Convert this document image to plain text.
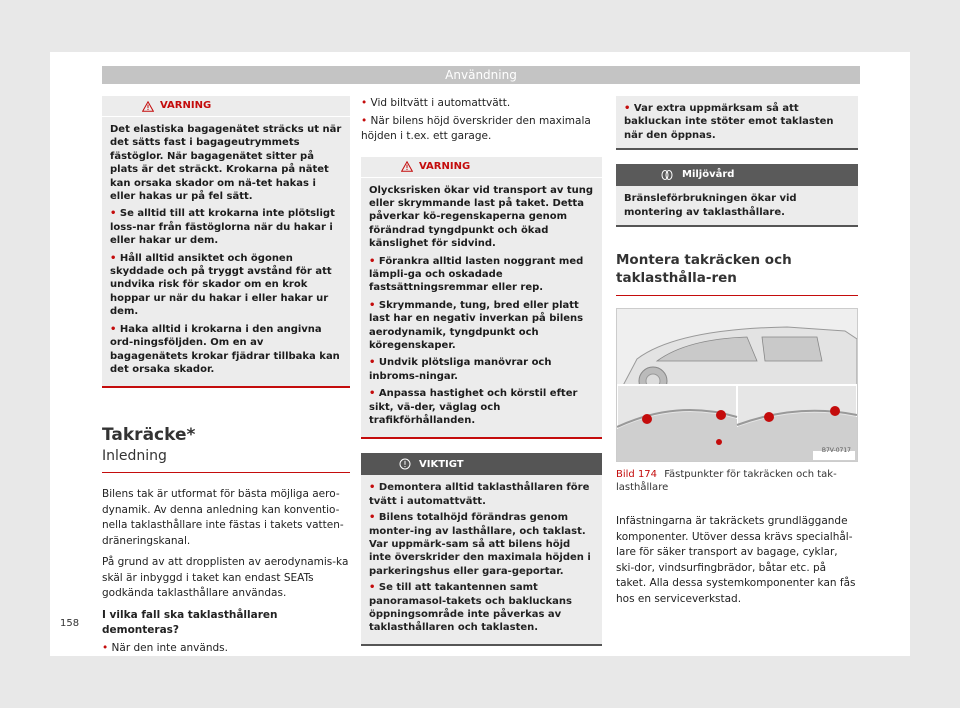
Användning
VARNING

Det elastiska bagagenätet sträcks ut när det sätts fast i bagageutrymmets fästöglor. När bagagenätet sitter på plats är det sträckt. Krokarna på nätet kan orsaka skador om nä-tet hakas i eller hakas ur på fel sätt.

• Se alltid till att krokarna inte plötsligt loss-nar från fästöglorna när du hakar i eller hakar ur dem.

• Håll alltid ansiktet och ögonen skyddade och på tryggt avstånd för att undvika risk för skador om en krok hoppar ur när du hakar i eller hakar ur dem.

• Haka alltid i krokarna i den angivna ord-ningsföljden. Om en av bagagenätets krokar fjädrar tillbaka kan det orsaka skador.

Takräcke*
Inledning

Bilens tak är utformat för bästa möjliga aero-dynamik. Av denna anledning kan konventio-nella taklasthållare inte fästas i takets vatten-dräneringskanal.

På grund av att dropplisten av aerodynamis-ka skäl är inbyggd i taket kan endast SEATs godkända taklasthållare användas.

I vilka fall ska taklasthållaren demonteras?

• När den inte används.

• Vid biltvätt i automattvätt.

• När bilens höjd överskrider den maximala höjden i t.ex. ett garage.

VARNING

Olycksrisken ökar vid transport av tung eller skrymmande last på taket. Detta påverkar kö-regenskaperna genom förändrad tyngdpunkt och ökad känslighet för sidvind.

• Förankra alltid lasten noggrant med lämpli-ga och oskadade fastsättningsremmar eller rep.

• Skrymmande, tung, bred eller platt last har en negativ inverkan på bilens aerodynamik, tyngdpunkt och köregenskaper.

• Undvik plötsliga manövrar och inbroms-ningar.

• Anpassa hastighet och körstil efter sikt, vä-der, väglag och trafikförhållanden.

VIKTIGT

• Demontera alltid taklasthållaren före tvätt i automattvätt.

• Bilens totalhöjd förändras genom monter-ing av lasthållare, och taklast. Var uppmärk-sam så att bilens höjd inte överskrider den maximala höjden i parkeringshus eller gara-geportar.

• Se till att takantennen samt panoramasol-takets och bakluckans öppningsområde inte påverkas av taklasthållaren och taklasten.

• Var extra uppmärksam så att bakluckan inte stöter emot taklasten när den öppnas.

Miljövård
Bränsleförbrukningen ökar vid montering av taklasthållare.
Montera takräcken och taklasthålla-ren
B7V-0717
Bild 174 Fästpunkter för takräcken och tak-lasthållare

Infästningarna är takräckets grundläggande komponenter. Utöver dessa krävs specialhål-lare för säker transport av bagage, cyklar, ski-dor, vindsurfingbrädor, båtar etc. på taket. Alla dessa systemkomponenter kan fås hos en serviceverkstad.

158
